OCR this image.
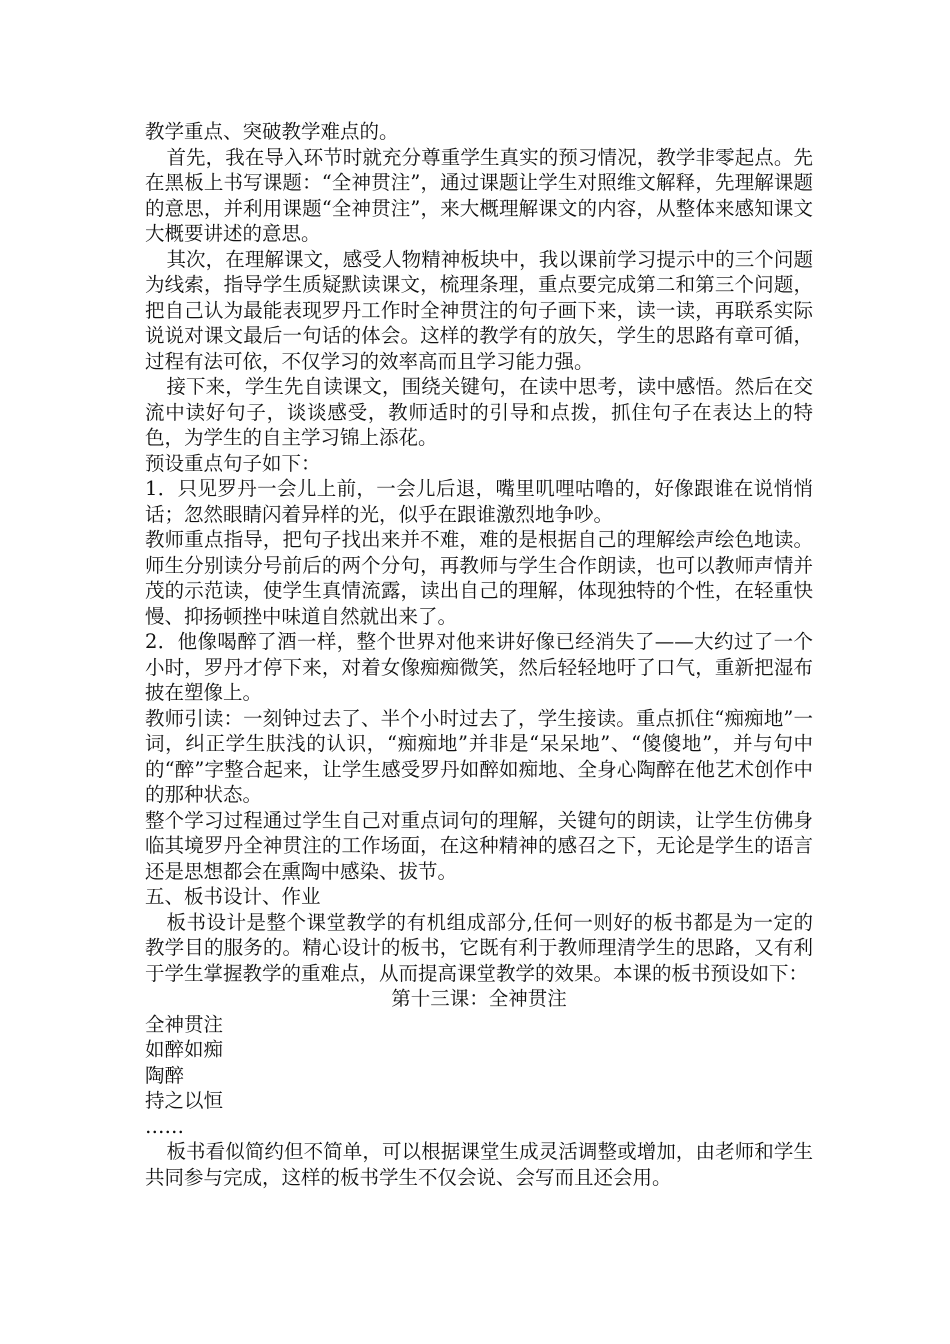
教学重点、突破教学难点的。

首先，我在导入环节时就充分尊重学生真实的预习情况，教学非零起点。先在黑板上书写课题：“全神贯注”，通过课题让学生对照维文解释，先理解课题的意思，并利用课题“全神贯注”，来大概理解课文的内容，从整体来感知课文大概要讲述的意思。

其次，在理解课文，感受人物精神板块中，我以课前学习提示中的三个问题为线索，指导学生质疑默读课文，梳理条理，重点要完成第二和第三个问题，把自己认为最能表现罗丹工作时全神贯注的句子画下来，读一读，再联系实际说说对课文最后一句话的体会。这样的教学有的放矢，学生的思路有章可循，过程有法可依，不仅学习的效率高而且学习能力强。

接下来，学生先自读课文，围绕关键句，在读中思考，读中感悟。然后在交流中读好句子，谈谈感受，教师适时的引导和点拨，抓住句子在表达上的特色，为学生的自主学习锦上添花。

预设重点句子如下：

1．只见罗丹一会儿上前，一会儿后退，嘴里叽哩咕噜的，好像跟谁在说悄悄话；忽然眼睛闪着异样的光，似乎在跟谁激烈地争吵。

教师重点指导，把句子找出来并不难，难的是根据自己的理解绘声绘色地读。师生分别读分号前后的两个分句，再教师与学生合作朗读，也可以教师声情并茂的示范读，使学生真情流露，读出自己的理解，体现独特的个性，在轻重快慢、抑扬顿挫中味道自然就出来了。

2．他像喝醉了酒一样，整个世界对他来讲好像已经消失了——大约过了一个小时，罗丹才停下来，对着女像痴痴微笑，然后轻轻地吁了口气，重新把湿布披在塑像上。

教师引读：一刻钟过去了、半个小时过去了，学生接读。重点抓住“痴痴地”一词，纠正学生肤浅的认识，“痴痴地”并非是“呆呆地”、“傻傻地”，并与句中的“醉”字整合起来，让学生感受罗丹如醉如痴地、全身心陶醉在他艺术创作中的那种状态。

整个学习过程通过学生自己对重点词句的理解，关键句的朗读，让学生仿佛身临其境罗丹全神贯注的工作场面，在这种精神的感召之下，无论是学生的语言还是思想都会在熏陶中感染、拔节。

五、板书设计、作业

板书设计是整个课堂教学的有机组成部分,任何一则好的板书都是为一定的教学目的服务的。精心设计的板书，它既有利于教师理清学生的思路，又有利于学生掌握教学的重难点，从而提高课堂教学的效果。本课的板书预设如下：

第十三课：全神贯注

全神贯注

如醉如痴

陶醉

持之以恒

……

板书看似简约但不简单，可以根据课堂生成灵活调整或增加，由老师和学生共同参与完成，这样的板书学生不仅会说、会写而且还会用。
